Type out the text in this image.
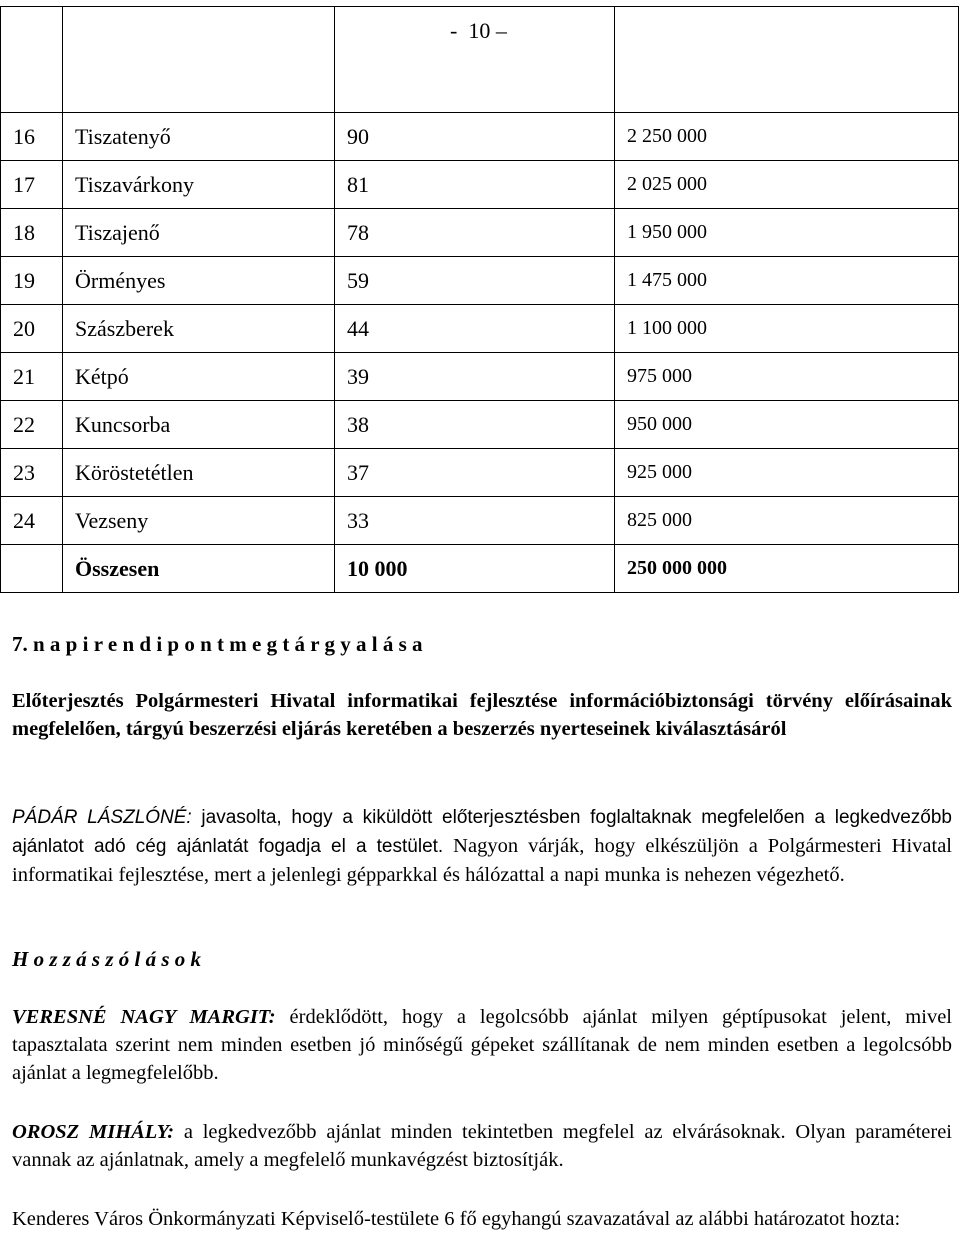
16	Tiszatenyő	90	2 250 000
17	Tiszavárkony	81	2 025 000
18	Tiszajenő	78	1 950 000
19	Örményes	59	1 475 000
20	Szászberek	44	1 100 000
21	Kétpó	39	975 000
22	Kuncsorba	38	950 000
23	Köröstetétlen	37	925 000
24	Vezseny	33	825 000
	Összesen	10 000	250 000 000
-  10 –
7. n a p i r e n d i p o n t m e g t á r g y a l á s a
Előterjesztés Polgármesteri Hivatal informatikai fejlesztése információbiztonsági törvény előírásainak megfelelően, tárgyú beszerzési eljárás keretében a beszerzés nyerteseinek kiválasztásáról
PÁDÁR LÁSZLÓNÉ: javasolta, hogy a kiküldött előterjesztésben foglaltaknak megfelelően a legkedvezőbb ajánlatot adó cég ajánlatát fogadja el a testület. Nagyon várják, hogy elkészüljön a Polgármesteri Hivatal informatikai fejlesztése, mert a jelenlegi gépparkkal és hálózattal a napi munka is nehezen végezhető.
H o z z á s z ó l á s o k
VERESNÉ NAGY MARGIT: érdeklődött, hogy a legolcsóbb ajánlat milyen géptípusokat jelent, mivel tapasztalata szerint nem minden esetben jó minőségű gépeket szállítanak de nem minden esetben a legolcsóbb ajánlat a legmegfelelőbb.
OROSZ MIHÁLY: a legkedvezőbb ajánlat minden tekintetben megfelel az elvárásoknak. Olyan paraméterei vannak az ajánlatnak, amely a megfelelő munkavégzést biztosítják.
Kenderes Város Önkormányzati Képviselő-testülete 6 fő egyhangú szavazatával az alábbi határozatot hozta:
